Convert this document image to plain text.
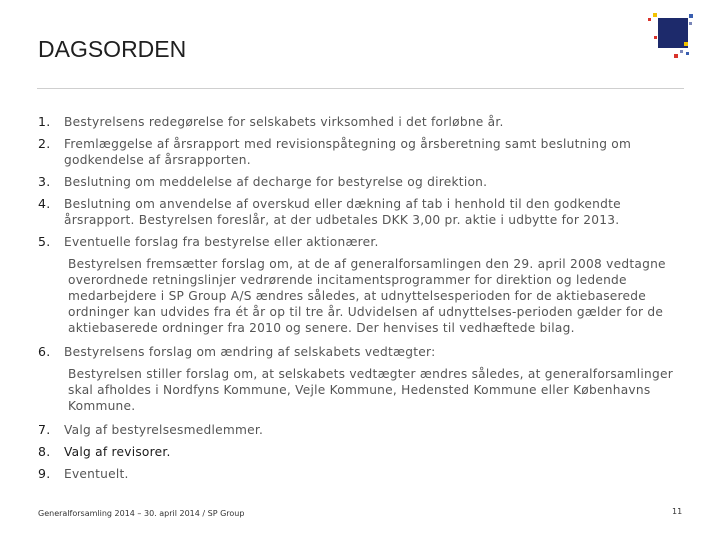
DAGSORDEN
1.	Bestyrelsens redegørelse for selskabets virksomhed i det forløbne år.
2.	Fremlæggelse af årsrapport med revisionspåtegning og årsberetning samt beslutning om godkendelse af årsrapporten.
3.	Beslutning om meddelelse af decharge for bestyrelse og direktion.
4.	Beslutning om anvendelse af overskud eller dækning af tab i henhold til den godkendte årsrapport. Bestyrelsen foreslår, at der udbetales DKK 3,00 pr. aktie i udbytte for 2013.
5.	Eventuelle forslag fra bestyrelse eller aktionærer.
Bestyrelsen fremsætter forslag om, at de af generalforsamlingen den 29. april 2008 vedtagne overordnede retningslinjer vedrørende incitamentsprogrammer for direktion og ledende medarbejdere i SP Group A/S ændres således, at udnyttelsesperioden for de aktiebaserede ordninger kan udvides fra ét år op til tre år. Udvidelsen af udnyttelses-perioden gælder for de aktiebaserede ordninger fra 2010 og senere. Der henvises til vedhæftede bilag.
6.	Bestyrelsens forslag om ændring af selskabets vedtægter:
Bestyrelsen stiller forslag om, at selskabets vedtægter ændres således, at generalforsamlinger skal afholdes i Nordfyns Kommune, Vejle Kommune, Hedensted Kommune eller Københavns Kommune.
7.	Valg af bestyrelsesmedlemmer.
8.	Valg af revisorer.
9.	Eventuelt.
Generalforsamling 2014 – 30. april 2014 / SP Group	11
